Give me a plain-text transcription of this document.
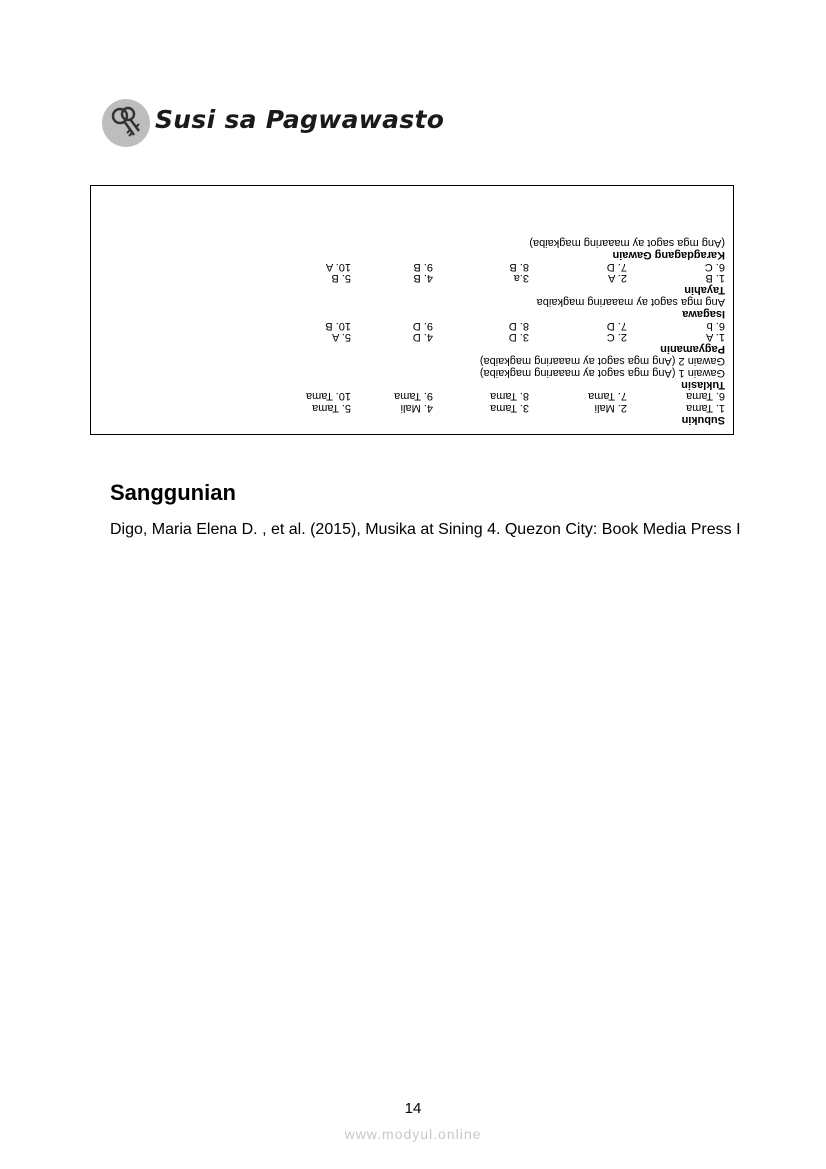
Susi sa Pagwawasto
Subukin
1. Tama
2. Mali
3. Tama
4. Mali
5. Tama
6. Tama
7. Tama
8. Tama
9. Tama
10. Tama
Tuklasin
Gawain 1 (Ang mga sagot ay maaaring magkaiba)
Gawain 2 (Ang mga sagot ay maaaring magkaiba)
Pagyamanin
1. A
2. C
3. D
4. D
5. A
6. b
7. D
8. D
9. D
10. B
Isagawa
Ang mga sagot ay maaaring magkaiba
Tayahin
1. B
2. A
3.a
4. B
5. B
6. C
7. D
8. B
9. B
10. A
Karagdagang Gawain
(Ang mga sagot ay maaaring magkaiba)
Sanggunian
Digo, Maria Elena D. , et al. (2015), Musika at Sining 4. Quezon City: Book Media Press I
14
www.modyul.online
